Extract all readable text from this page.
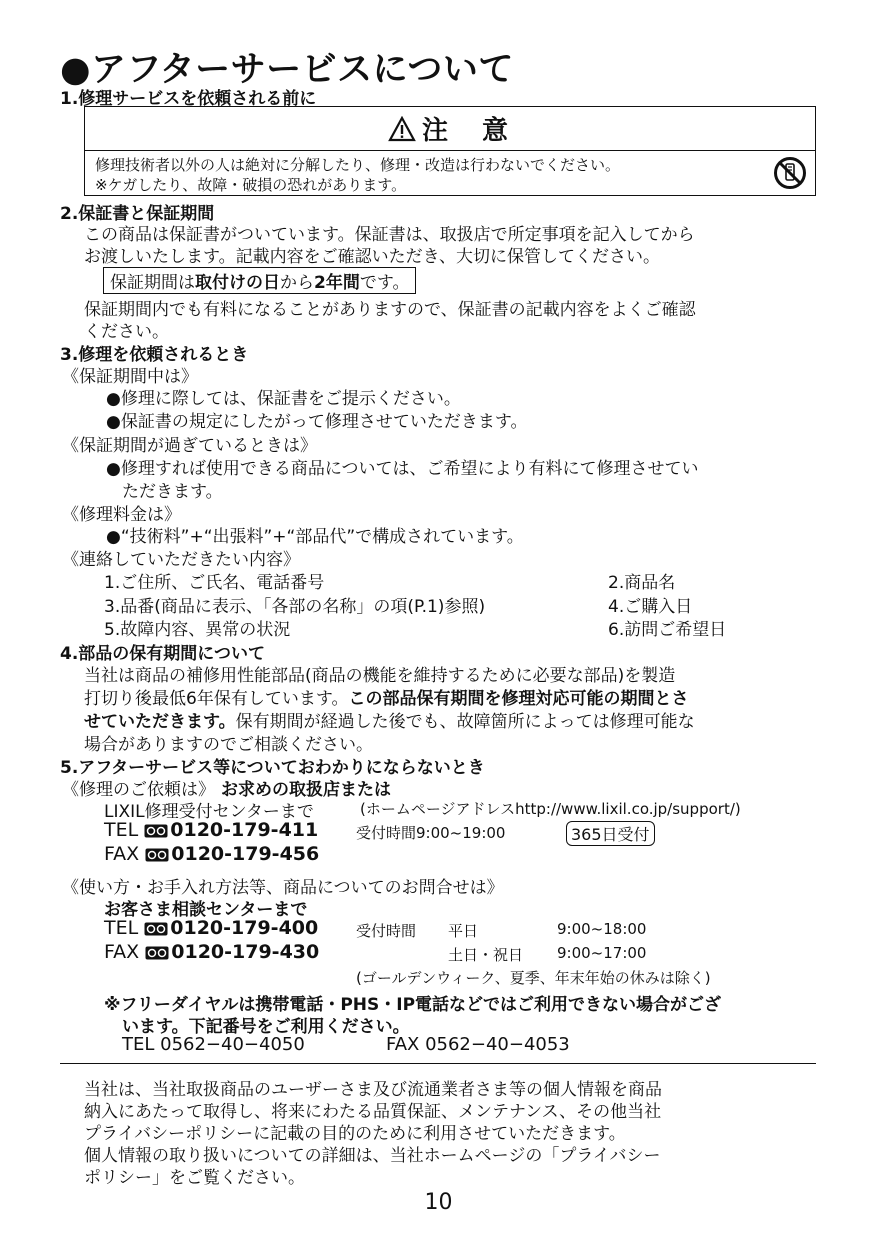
●アフターサービスについて
1.修理サービスを依頼される前に
注　意
修理技術者以外の人は絶対に分解したり、修理・改造は行わないでください。
※ケガしたり、故障・破損の恐れがあります。
2.保証書と保証期間
この商品は保証書がついています。保証書は、取扱店で所定事項を記入してから
お渡しいたします。記載内容をご確認いただき、大切に保管してください。
保証期間は取付けの日から2年間です。
保証期間内でも有料になることがありますので、保証書の記載内容をよくご確認
ください。
3.修理を依頼されるとき
《保証期間中は》
●修理に際しては、保証書をご提示ください。
●保証書の規定にしたがって修理させていただきます。
《保証期間が過ぎているときは》
●修理すれば使用できる商品については、ご希望により有料にて修理させてい
ただきます。
《修理料金は》
●“技術料”+“出張料”+“部品代”で構成されています。
《連絡していただきたい内容》
1.ご住所、ご氏名、電話番号	2.商品名
3.品番(商品に表示、「各部の名称」の項(P.1)参照)	4.ご購入日
5.故障内容、異常の状況	6.訪問ご希望日
4.部品の保有期間について
当社は商品の補修用性能部品(商品の機能を維持するために必要な部品)を製造
打切り後最低6年保有しています。この部品保有期間を修理対応可能の期間とさ
せていただきます。保有期間が経過した後でも、故障箇所によっては修理可能な
場合がありますのでご相談ください。
5.アフターサービス等についておわかりにならないとき
《修理のご依頼は》 お求めの取扱店または
LIXIL修理受付センターまで	(ホームページアドレスhttp://www.lixil.co.jp/support/)
TEL 0120-179-411	受付時間9:00~19:00	365日受付
FAX 0120-179-456
《使い方・お手入れ方法等、商品についてのお問合せは》
お客さま相談センターまで
TEL 0120-179-400	受付時間 平日	9:00~18:00
FAX 0120-179-430	土日・祝日 9:00~17:00
(ゴールデンウィーク、夏季、年末年始の休みは除く)
※フリーダイヤルは携帯電話・PHS・IP電話などではご利用できない場合がござ
います。下記番号をご利用ください。
TEL 0562−40−4050	FAX 0562−40−4053
当社は、当社取扱商品のユーザーさま及び流通業者さま等の個人情報を商品
納入にあたって取得し、将来にわたる品質保証、メンテナンス、その他当社
プライバシーポリシーに記載の目的のために利用させていただきます。
個人情報の取り扱いについての詳細は、当社ホームページの「プライバシー
ポリシー」をご覧ください。
10
